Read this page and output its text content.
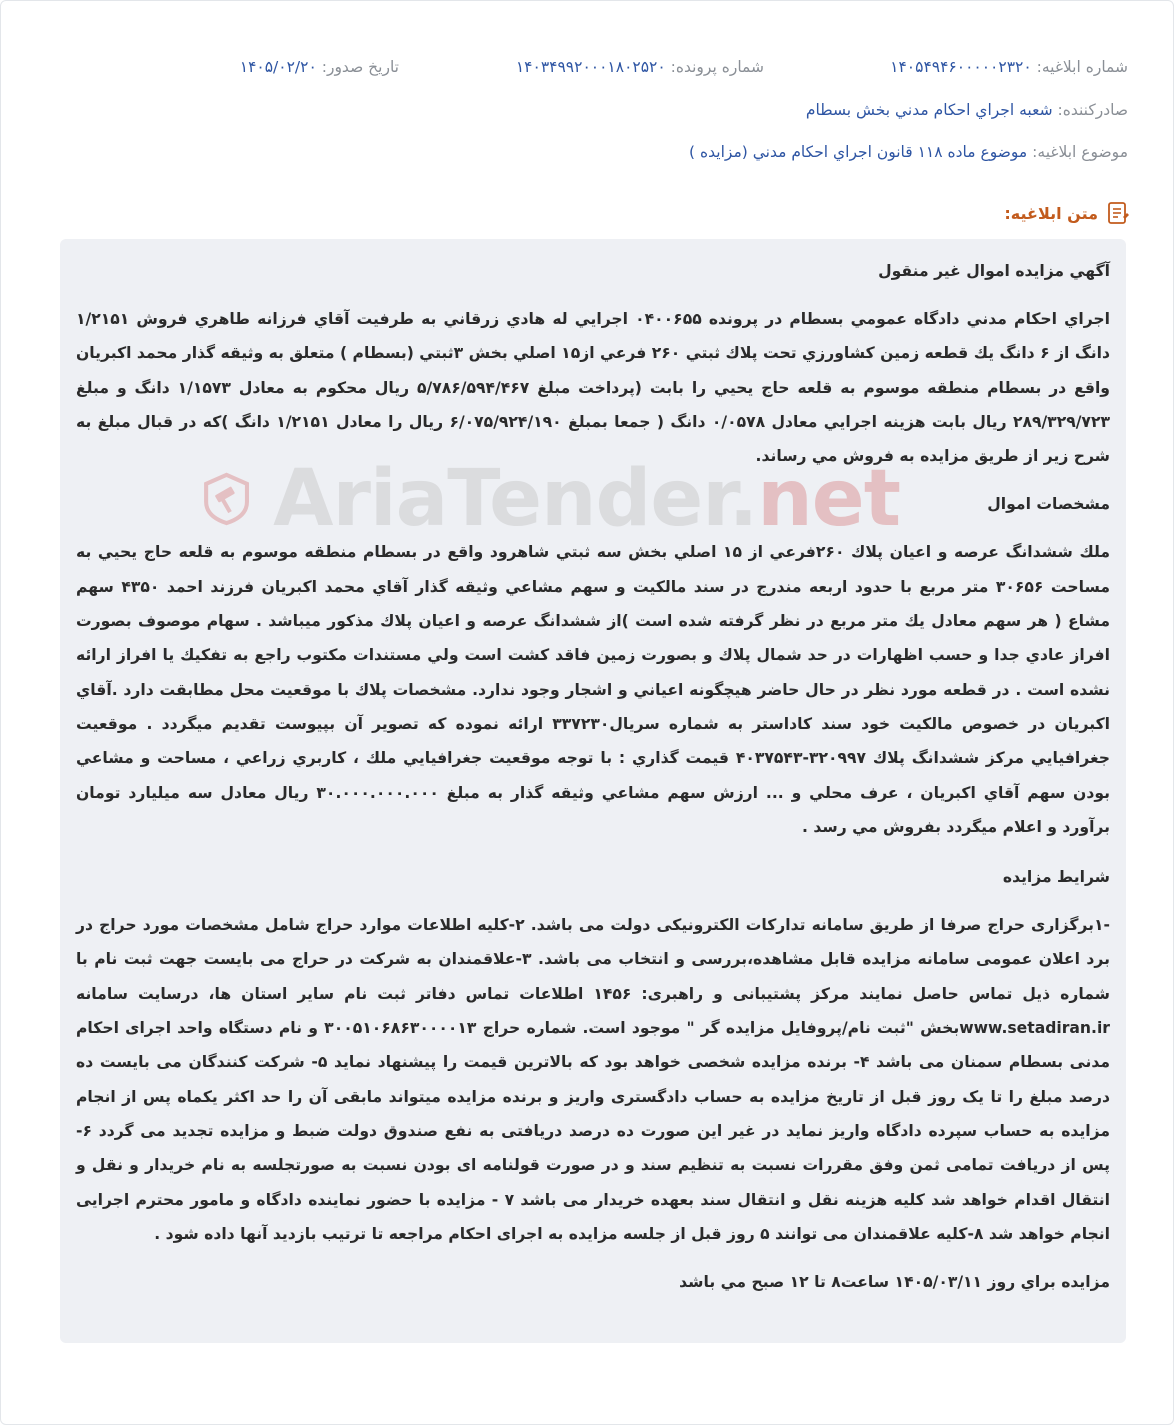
شماره ابلاغیه: ۱۴۰۵۴۹۴۶۰۰۰۰۰۲۳۲۰
شماره پرونده: ۱۴۰۳۴۹۹۲۰۰۰۱۸۰۲۵۲۰
تاریخ صدور: ۱۴۰۵/۰۲/۲۰
صادرکننده: شعبه اجراي احكام مدني بخش بسطام
موضوع ابلاغیه: موضوع ماده ۱۱۸ قانون اجراي احكام مدني (مزايده )
متن ابلاغیه:
AriaTender.net

آگهي مزايده اموال غير منقول

اجراي احكام مدني دادگاه عمومي بسطام در پرونده ۰۴۰۰۶۵۵ اجرايي له هادي زرقاني به طرفيت آقاي فرزانه طاهري فروش ۱/۲۱۵۱ دانگ از ۶ دانگ يك قطعه زمين كشاورزي تحت پلاك ثبتي ۲۶۰ فرعي از۱۵ اصلي بخش ۳ثبتي (بسطام ) متعلق به وثيقه گذار محمد اكبريان واقع در بسطام منطقه موسوم به قلعه حاج يحيي را بابت (پرداخت مبلغ ۵/۷۸۶/۵۹۴/۴۶۷ ريال محكوم به معادل ۱/۱۵۷۳ دانگ و مبلغ ۲۸۹/۳۲۹/۷۲۳ ريال بابت هزينه اجرايي معادل ۰/۰۵۷۸ دانگ ( جمعا بمبلغ ۶/۰۷۵/۹۲۴/۱۹۰ ريال را معادل ۱/۲۱۵۱ دانگ )كه در قبال مبلغ به شرح زير از طريق مزايده به فروش مي رساند.

مشخصات اموال

ملك ششدانگ عرصه و اعيان پلاك ۲۶۰فرعي از ۱۵ اصلي بخش سه ثبتي شاهرود واقع در بسطام منطقه موسوم به قلعه حاج يحيي به مساحت ۳۰۶۵۶ متر مربع با حدود اربعه مندرج در سند مالكيت و سهم مشاعي وثيقه گذار آقاي محمد اكبريان فرزند احمد ۴۳۵۰ سهم مشاع ( هر سهم معادل يك متر مربع در نظر گرفته شده است )از ششدانگ عرصه و اعيان پلاك مذكور ميباشد . سهام موصوف بصورت افراز عادي جدا و حسب اظهارات در حد شمال پلاك و بصورت زمين فاقد كشت است ولي مستندات مكتوب راجع به تفكيك يا افراز ارائه نشده است . در قطعه مورد نظر در حال حاضر هيچگونه اعياني و اشجار وجود ندارد. مشخصات پلاك با موقعيت محل مطابقت دارد .آقاي اكبريان در خصوص مالكيت خود سند كاداستر به شماره سريال۳۳۷۲۳۰ ارائه نموده كه تصوير آن بپيوست تقديم ميگردد . موقعيت جغرافيايي مركز ششدانگ پلاك ۳۲۰۹۹۷-۴۰۳۷۵۴۳ قيمت گذاري : با توجه موقعيت جغرافيايي ملك ، كاربري زراعي ، مساحت و مشاعي بودن سهم آقاي اكبريان ، عرف محلي و ... ارزش سهم مشاعي وثيقه گذار به مبلغ ۳۰.۰۰۰.۰۰۰.۰۰۰ ريال معادل سه ميليارد تومان برآورد و اعلام ميگردد بفروش مي رسد .

شرايط مزايده

-۱برگزاری حراج صرفا از طریق سامانه تدارکات الکترونیکی دولت می باشد. ۲-کلیه اطلاعات موارد حراج شامل مشخصات مورد حراج در برد اعلان عمومی سامانه مزایده قابل مشاهده،بررسی و انتخاب می باشد. ۳-علاقمندان به شرکت در حراج می بایست جهت ثبت نام با شماره ذیل تماس حاصل نمایند مرکز پشتیبانی و راهبری: ۱۴۵۶ اطلاعات تماس دفاتر ثبت نام سایر استان ها، درسایت سامانه www.setadiran.irبخش "ثبت نام/پروفایل مزایده گر " موجود است. شماره حراج ۳۰۰۵۱۰۶۸۶۳۰۰۰۰۱۳ و نام دستگاه واحد اجرای احکام مدنی بسطام سمنان می باشد ۴- برنده مزایده شخصی خواهد بود که بالاترین قیمت را پیشنهاد نماید ۵- شرکت کنندگان می بایست ده درصد مبلغ را تا یک روز قبل از تاریخ مزایده به حساب دادگستری واریز و برنده مزایده میتواند مابقی آن را حد اکثر یکماه پس از انجام مزایده به حساب سپرده دادگاه واریز نماید در غیر این صورت ده درصد دریافتی به نفع صندوق دولت ضبط و مزایده تجدید می گردد ۶- پس از دریافت تمامی ثمن وفق مقررات نسبت به تنظیم سند و در صورت قولنامه ای بودن نسبت به صورتجلسه به نام خریدار و نقل و انتقال اقدام خواهد شد کلیه هزینه نقل و انتقال سند بعهده خریدار می باشد ۷ - مزایده با حضور نماینده دادگاه و مامور محترم اجرایی انجام خواهد شد ۸-کلیه علاقمندان می توانند ۵ روز قبل از جلسه مزایده به اجرای احکام مراجعه تا ترتیب بازدید آنها داده شود .

مزايده براي روز ۱۴۰۵/۰۳/۱۱ ساعت۸ تا ۱۲ صبح مي باشد
